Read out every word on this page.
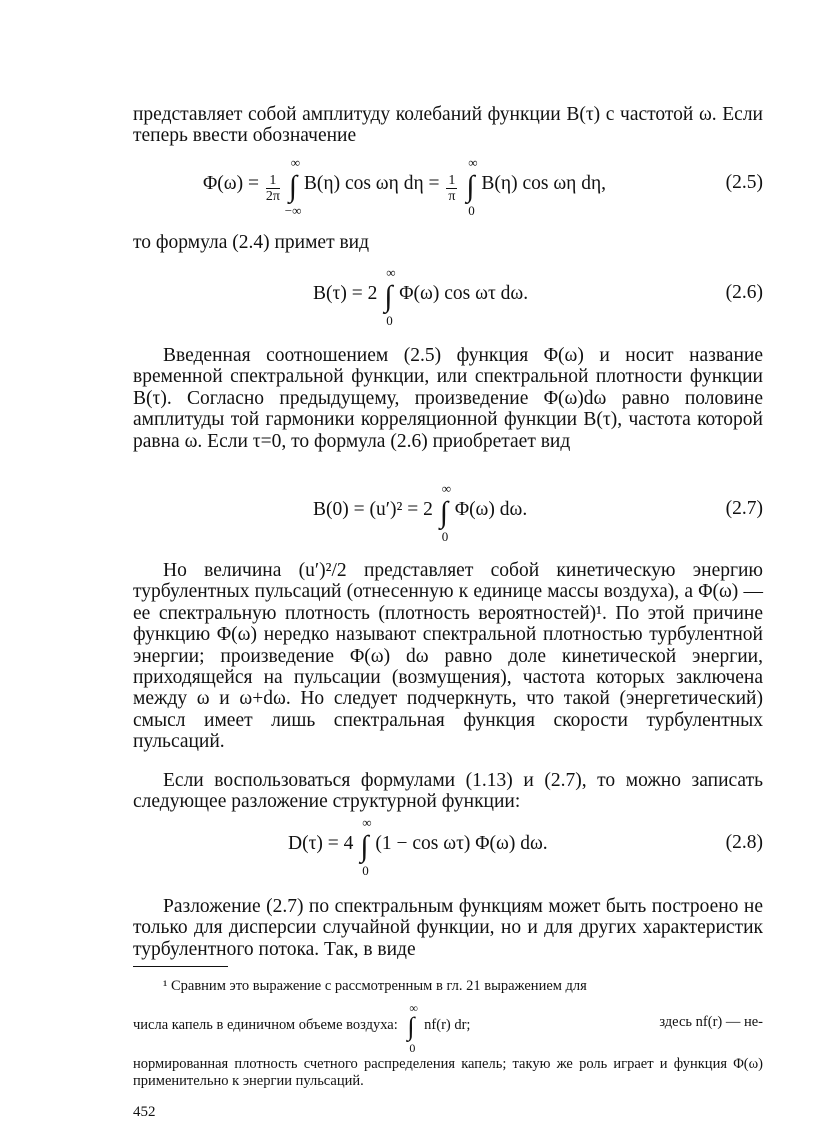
представляет собой амплитуду колебаний функции B(τ) с частотой ω. Если теперь ввести обозначение
$\Phi(\omega) = \frac{1}{2\pi}$ ∫
∞
−∞
B(η) cos ωη $d\eta = \frac{1}{\pi}$ ∫
∞
0
B(η) cos ωη dη,	(2.5)
то формула (2.4) примет вид
B(τ) = 2 ∫
∞
0
Φ(ω) cos ωτ dω.	(2.6)
Введенная соотношением (2.5) функция Φ(ω) и носит название временной спектральной функции, или спектральной плотности функции B(τ). Согласно предыдущему, произведение Φ(ω)dω равно половине амплитуды той гармоники корреляционной функции B(τ), частота которой равна ω. Если τ=0, то формула (2.6) приобретает вид
B(0) = (u′)² = 2 ∫
∞
0
Φ(ω) dω.	(2.7)
Но величина (u′)²/2 представляет собой кинетическую энергию турбулентных пульсаций (отнесенную к единице массы воздуха), а Φ(ω) — ее спектральную плотность (плотность вероятностей)¹. По этой причине функцию Φ(ω) нередко называют спектральной плотностью турбулентной энергии; произведение Φ(ω) dω равно доле кинетической энергии, приходящейся на пульсации (возмущения), частота которых заключена между ω и ω+dω. Но следует подчеркнуть, что такой (энергетический) смысл имеет лишь спектральная функция скорости турбулентных пульсаций.
Если воспользоваться формулами (1.13) и (2.7), то можно записать следующее разложение структурной функции:
D(τ) = 4 ∫
∞
0
(1 − cos ωτ) Φ(ω) dω.	(2.8)
Разложение (2.7) по спектральным функциям может быть построено не только для дисперсии случайной функции, но и для других характеристик турбулентного потока. Так, в виде
¹ Сравним это выражение с рассмотренным в гл. 21 выражением для
числа капель в единичном объеме воздуха: ∫
∞
0
nf(r) dr;	здесь nf(r) — не-
нормированная плотность счетного распределения капель; такую же роль играет и функция Φ(ω) применительно к энергии пульсаций.
452
